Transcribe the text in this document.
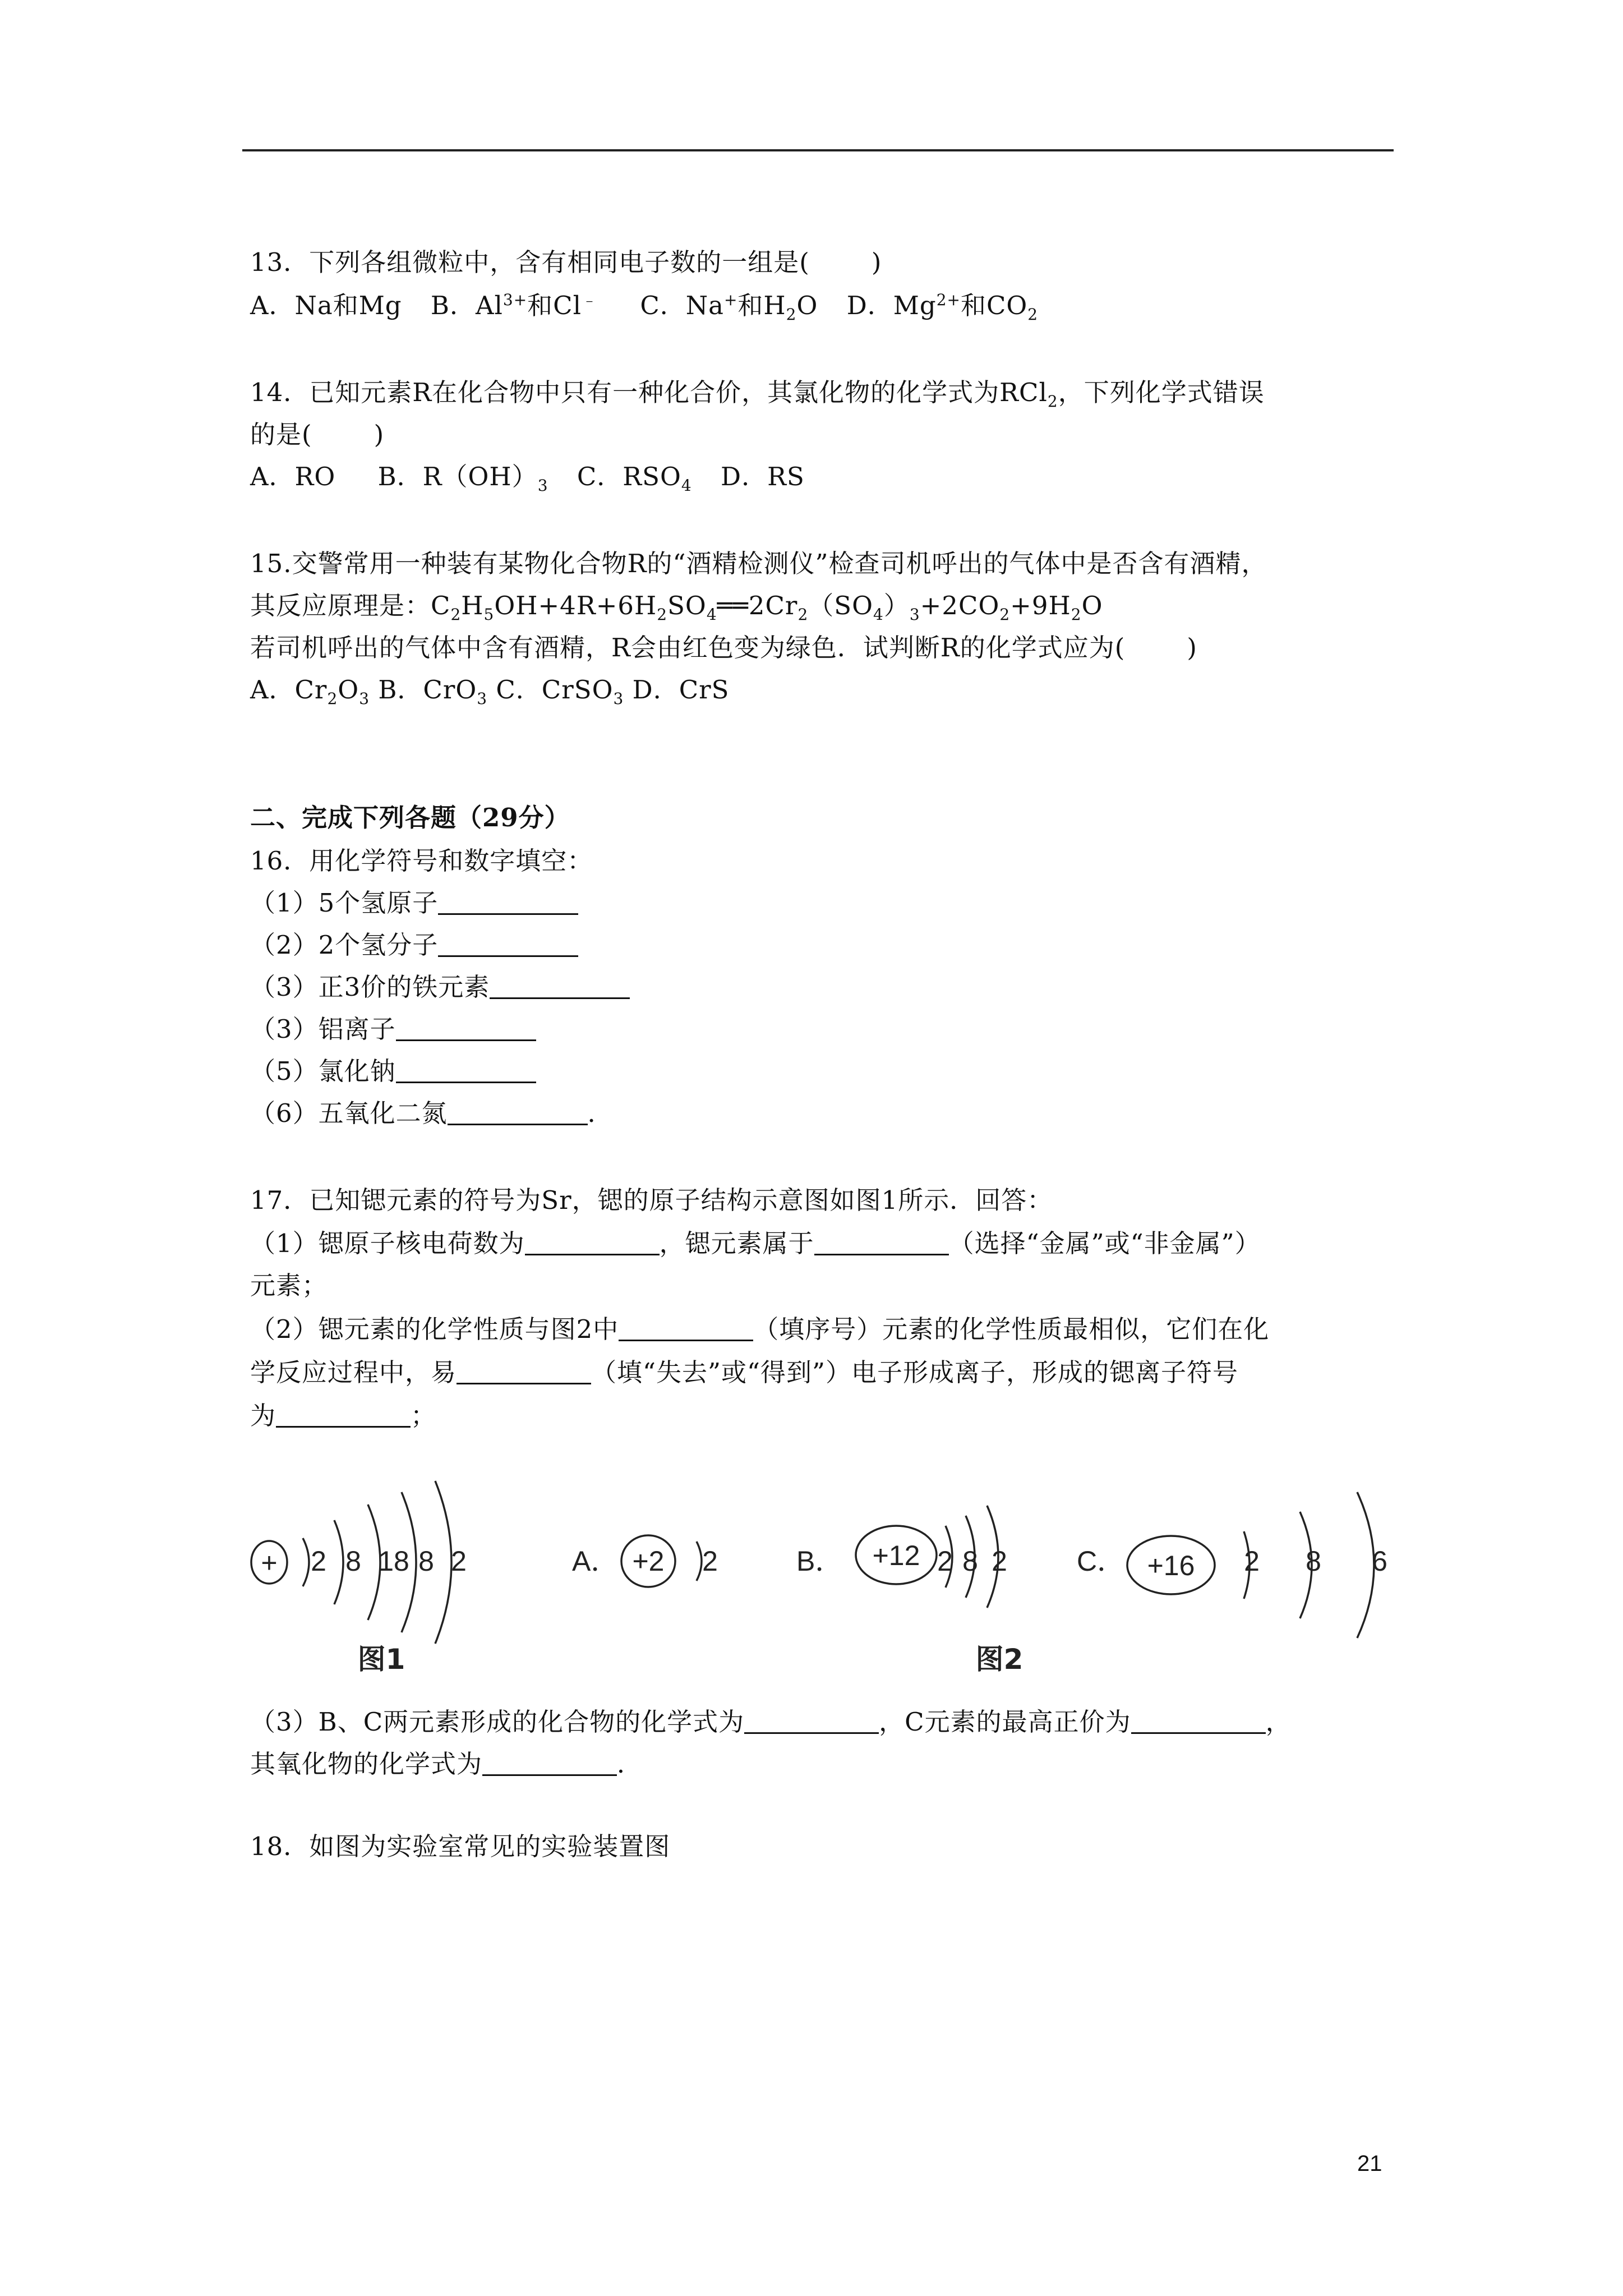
13．下列各组微粒中，含有相同电子数的一组是( )
A．Na和Mg B．$Al^{3+}$和Cl﹣ C．Na+和$H_2O$ D．$Mg^{2+}$和$CO_2$
14．已知元素R在化合物中只有一种化合价，其氯化物的化学式为RCl$_2$，下列化学式错误
的是( )
A．RO B．$R(OH)_3$ C．$RSO_4$ D．RS
15.交警常用一种装有某物化合物R的“酒精检测仪”检查司机呼出的气体中是否含有酒精，
其反应原理是：$C_2H_5OH+4R+6H_2SO_4══2Cr_2(SO_4)_3+2CO_2+9H_2O$
若司机呼出的气体中含有酒精，R会由红色变为绿色．试判断R的化学式应为( )
A．$Cr_2O_3$ B．CrO$_3$ C．CrSO$_3$ D．CrS
二、完成下列各题（29分）
16．用化学符号和数字填空：
（1）5个氢原子
（2）2个氢分子
（3）正3价的铁元素
（3）铝离子
（5）氯化钠
（6）五氧化二氮	．
17．已知锶元素的符号为Sr，锶的原子结构示意图如图1所示．回答：
（1）锶原子核电荷数为	，锶元素属于	（选择“金属”或“非金属”）
元素；
（2）锶元素的化学性质与图2中	（填序号）元素的化学性质最相似，它们在化
学反应过程中，易	（填“失去”或“得到”）电子形成离子，形成的锶离子符号
为	；
+ 2 8 18 8 2	A． +2 2	B． +12 2 8 2 C． +16 2 8 6
图1	图2
（3）B、C两元素形成的化合物的化学式为	，C元素的最高正价为	，
其氧化物的化学式为	．
18．如图为实验室常见的实验装置图
21
